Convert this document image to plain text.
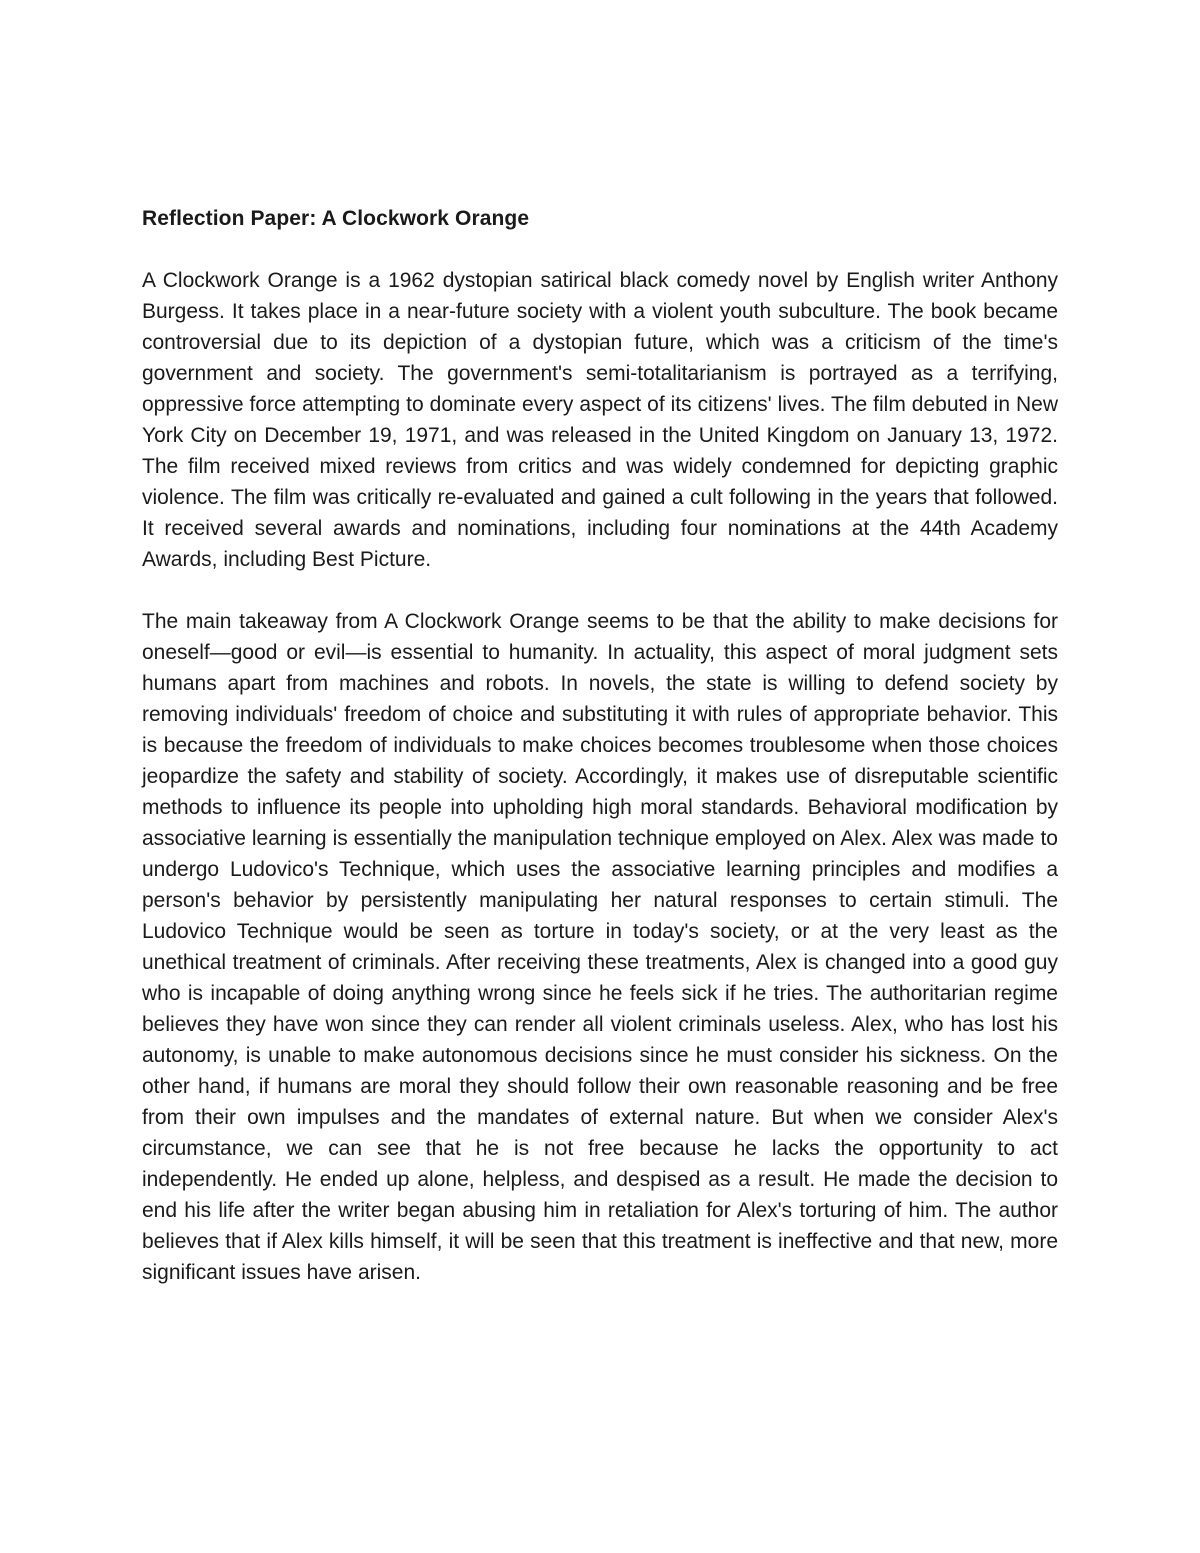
Reflection Paper: A Clockwork Orange

A Clockwork Orange is a 1962 dystopian satirical black comedy novel by English writer Anthony Burgess. It takes place in a near-future society with a violent youth subculture. The book became controversial due to its depiction of a dystopian future, which was a criticism of the time's government and society. The government's semi-totalitarianism is portrayed as a terrifying, oppressive force attempting to dominate every aspect of its citizens' lives. The film debuted in New York City on December 19, 1971, and was released in the United Kingdom on January 13, 1972. The film received mixed reviews from critics and was widely condemned for depicting graphic violence. The film was critically re-evaluated and gained a cult following in the years that followed. It received several awards and nominations, including four nominations at the 44th Academy Awards, including Best Picture.

The main takeaway from A Clockwork Orange seems to be that the ability to make decisions for oneself—good or evil—is essential to humanity. In actuality, this aspect of moral judgment sets humans apart from machines and robots. In novels, the state is willing to defend society by removing individuals' freedom of choice and substituting it with rules of appropriate behavior. This is because the freedom of individuals to make choices becomes troublesome when those choices jeopardize the safety and stability of society. Accordingly, it makes use of disreputable scientific methods to influence its people into upholding high moral standards. Behavioral modification by associative learning is essentially the manipulation technique employed on Alex. Alex was made to undergo Ludovico's Technique, which uses the associative learning principles and modifies a person's behavior by persistently manipulating her natural responses to certain stimuli. The Ludovico Technique would be seen as torture in today's society, or at the very least as the unethical treatment of criminals. After receiving these treatments, Alex is changed into a good guy who is incapable of doing anything wrong since he feels sick if he tries. The authoritarian regime believes they have won since they can render all violent criminals useless. Alex, who has lost his autonomy, is unable to make autonomous decisions since he must consider his sickness. On the other hand, if humans are moral they should follow their own reasonable reasoning and be free from their own impulses and the mandates of external nature. But when we consider Alex's circumstance, we can see that he is not free because he lacks the opportunity to act independently. He ended up alone, helpless, and despised as a result. He made the decision to end his life after the writer began abusing him in retaliation for Alex's torturing of him. The author believes that if Alex kills himself, it will be seen that this treatment is ineffective and that new, more significant issues have arisen.
